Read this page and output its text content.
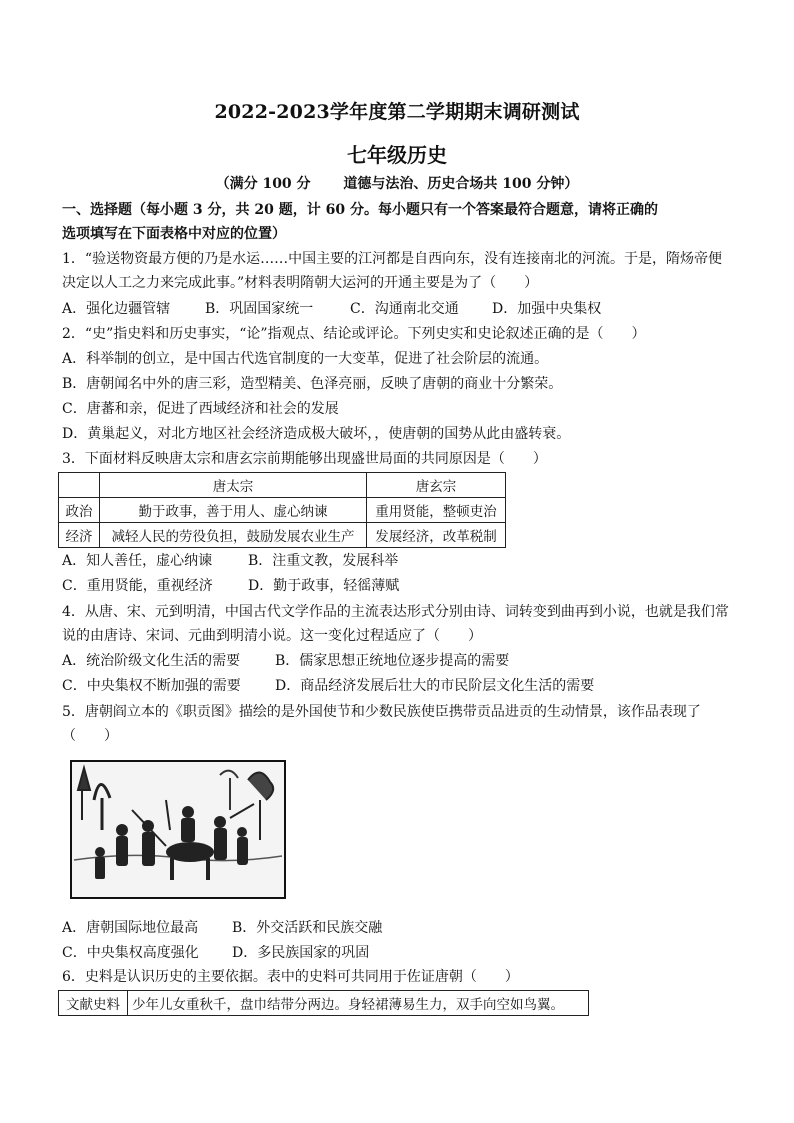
2022-2023学年度第二学期期末调研测试
七年级历史
（满分 100 分　　 道德与法治、历史合场共 100 分钟）
一、选择题（每小题 3 分，共 20 题，计 60 分。每小题只有一个答案最符合题意，请将正确的
选项填写在下面表格中对应的位置）
1．“验送物资最方便的乃是水运……中国主要的江河都是自西向东，没有连接南北的河流。于是，隋炀帝便
决定以人工之力来完成此事。”材料表明隋朝大运河的开通主要是为了（　　）
A．强化边疆管辖 B．巩固国家统一	C．沟通南北交通 D．加强中央集权
2．“史”指史料和历史事实，“论”指观点、结论或评论。下列史实和史论叙述正确的是（　　）
A．科举制的创立，是中国古代选官制度的一大变革，促进了社会阶层的流通。
B．唐朝闻名中外的唐三彩，造型精美、色泽亮丽，反映了唐朝的商业十分繁荣。
C．唐蕃和亲，促进了西域经济和社会的发展
D．黄巢起义，对北方地区社会经济造成极大破坏，，使唐朝的国势从此由盛转衰。
3．下面材料反映唐太宗和唐玄宗前期能够出现盛世局面的共同原因是（　　）
	唐太宗	唐玄宗
政治	勤于政事，善于用人、虚心纳谏	重用贤能，整顿吏治
经济	减轻人民的劳役负担，鼓励发展农业生产	发展经济，改革税制
A．知人善任，虚心纳谏	B．注重文教，发展科举
C．重用贤能，重视经济	D．勤于政事，轻徭薄赋
4．从唐、宋、元到明清，中国古代文学作品的主流表达形式分别由诗、词转变到曲再到小说，也就是我们常
说的由唐诗、宋词、元曲到明清小说。这一变化过程适应了（　　）
A．统治阶级文化生活的需要 B．儒家思想正统地位逐步提高的需要
C．中央集权不断加强的需要 D．商品经济发展后壮大的市民阶层文化生活的需要
5．唐朝阎立本的《职贡图》描绘的是外国使节和少数民族使臣携带贡品进贡的生动情景，该作品表现了
（　　）
A．唐朝国际地位最高 B．外交活跃和民族交融
C．中央集权高度强化 D．多民族国家的巩固
6．史料是认识历史的主要依据。表中的史料可共同用于佐证唐朝（　　）
文献史料	少年儿女重秋千，盘巾结带分两边。身轻裙薄易生力，双手向空如鸟翼。
